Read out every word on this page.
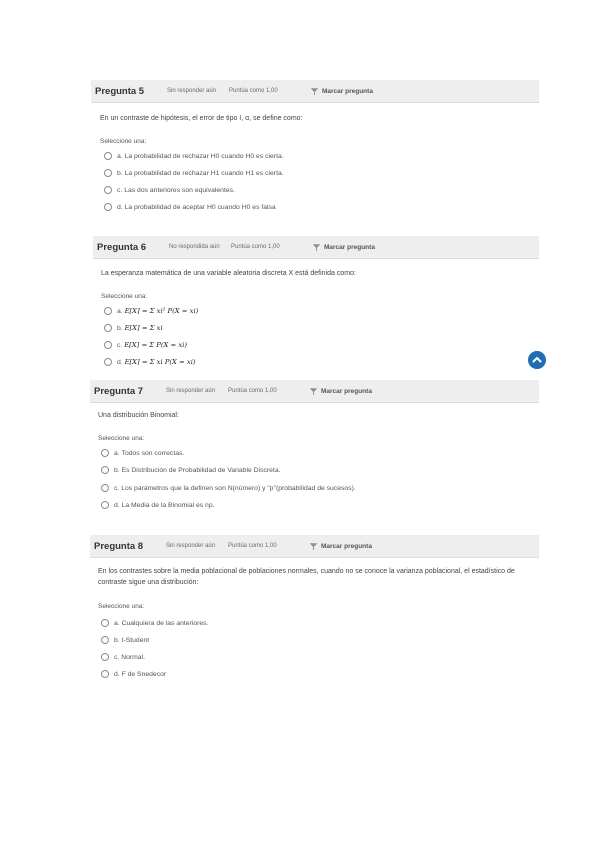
Pregunta 5	Sin responder aún	Puntúa como 1,00	Marcar pregunta
En un contraste de hipótesis, el error de tipo I, α, se define como:
Seleccione una:
a.
La probabilidad de rechazar H0 cuando H0 es cierta.
b.
La probabilidad de rechazar H1 cuando H1 es cierta.
c.
Las dos anteriores son equivalentes.
d.
La probabilidad de aceptar H0 cuando H0 es falsa
Pregunta 6	No respondida aún	Puntúa como 1,00	Marcar pregunta
La esperanza matemática de una variable aleatoria discreta X está definida como:
Seleccione una:
a.
E[X] = Σ xi² P(X = xi)
b.
E[X] = Σ xi
c.
E[X] = Σ P(X = xi)
d.
E[X] = Σ xi P(X = xi)
Pregunta 7	Sin responder aún	Puntúa como 1,00	Marcar pregunta
Una distribución Binomial:
Seleccione una:
a.
Todos son correctas.
b.
Es Distribución de Probabilidad de Variable Discreta.
c.
Los parámetros que la definen son N(número) y "p"(probabilidad de sucesos).
d.
La Media de la Binomial es np.
Pregunta 8	Sin responder aún	Puntúa como 1,00	Marcar pregunta
En los contrastes sobre la media poblacional de poblaciones normales, cuando no se conoce la varianza poblacional, el estadístico de contraste sigue una distribución:
Seleccione una:
a.
Cualquiera de las anteriores.
b.
t-Student
c.
Normal.
d.
F de Snedecor
